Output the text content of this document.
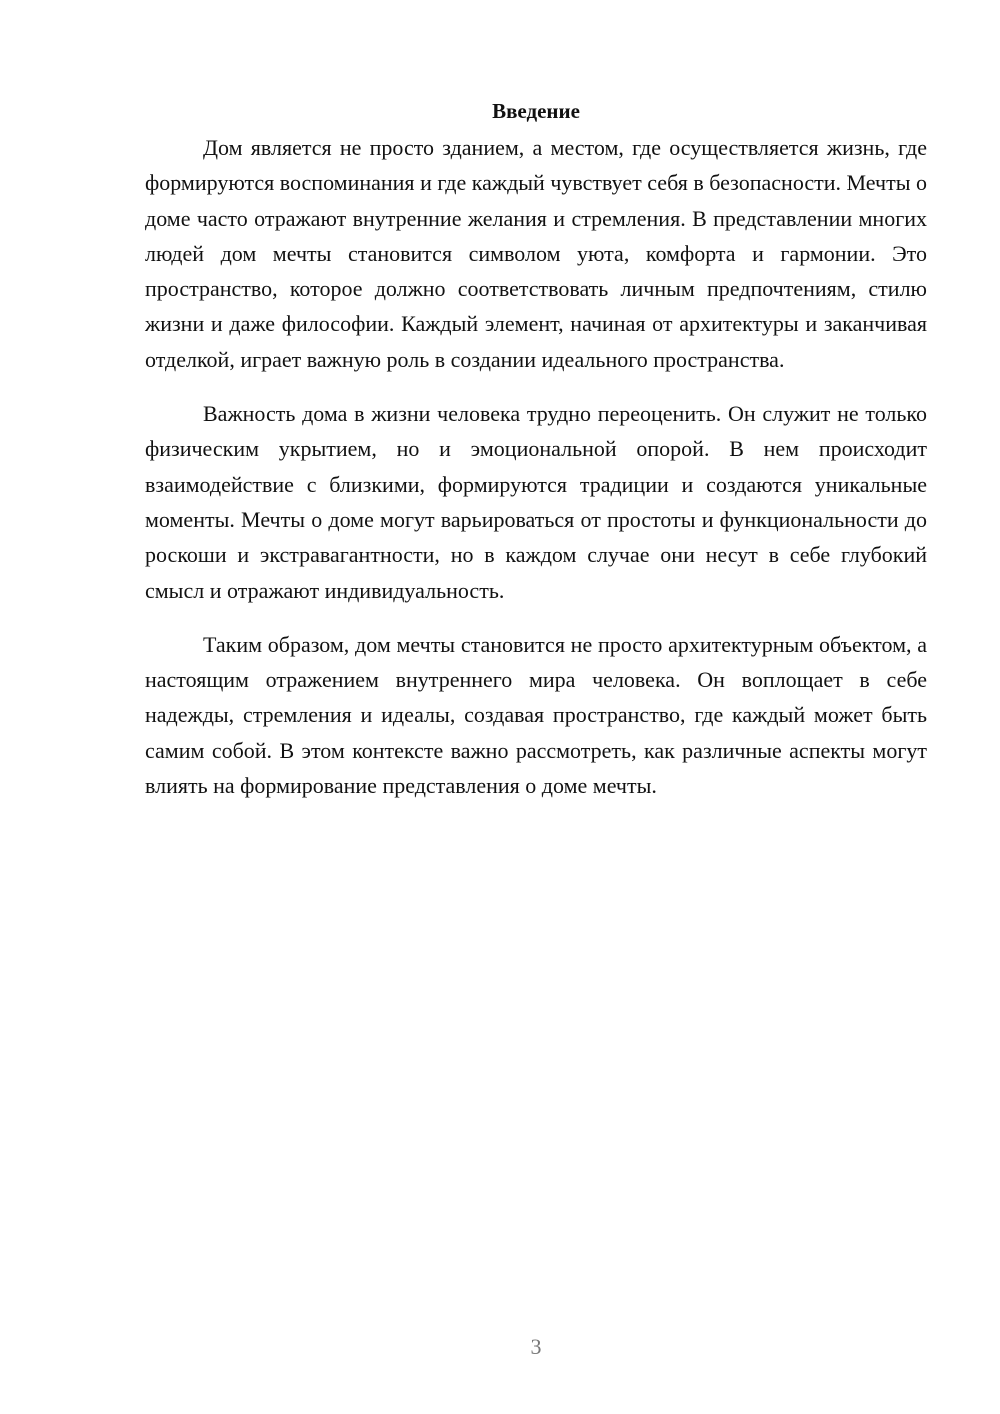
Введение

Дом является не просто зданием, а местом, где осуществляется жизнь, где формируются воспоминания и где каждый чувствует себя в безопасности. Мечты о доме часто отражают внутренние желания и стремления. В представлении многих людей дом мечты становится символом уюта, комфорта и гармонии. Это пространство, которое должно соответствовать личным предпочтениям, стилю жизни и даже философии. Каждый элемент, начиная от архитектуры и заканчивая отделкой, играет важную роль в создании идеального пространства.

Важность дома в жизни человека трудно переоценить. Он служит не только физическим укрытием, но и эмоциональной опорой. В нем происходит взаимодействие с близкими, формируются традиции и создаются уникальные моменты. Мечты о доме могут варьироваться от простоты и функциональности до роскоши и экстравагантности, но в каждом случае они несут в себе глубокий смысл и отражают индивидуальность.

Таким образом, дом мечты становится не просто архитектурным объектом, а настоящим отражением внутреннего мира человека. Он воплощает в себе надежды, стремления и идеалы, создавая пространство, где каждый может быть самим собой. В этом контексте важно рассмотреть, как различные аспекты могут влиять на формирование представления о доме мечты.

3
